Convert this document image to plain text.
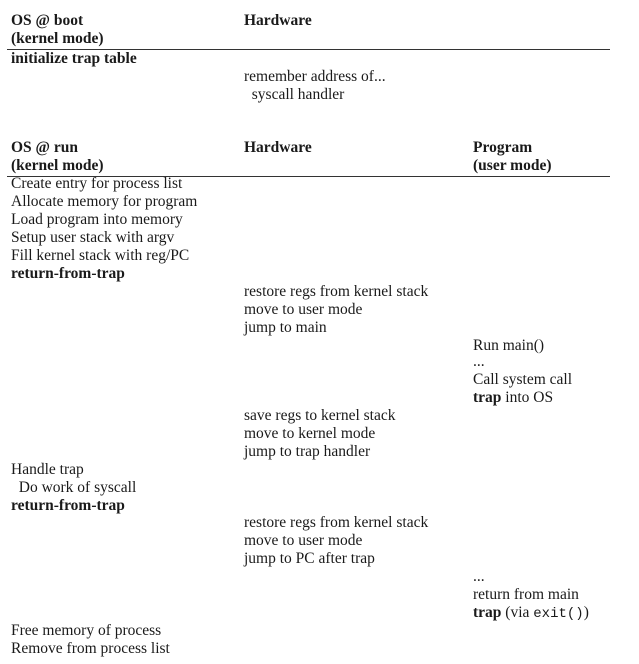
OS @ boot
(kernel mode)
Hardware
initialize trap table
remember address of...
syscall handler
OS @ run
(kernel mode)
Hardware	Program
(user mode)
Create entry for process list
Allocate memory for program
Load program into memory
Setup user stack with argv
Fill kernel stack with reg/PC
return-from-trap
restore regs from kernel stack
move to user mode
jump to main
Run main()
...
Call system call
trap into OS
save regs to kernel stack
move to kernel mode
jump to trap handler
Handle trap
Do work of syscall
return-from-trap
restore regs from kernel stack
move to user mode
jump to PC after trap
...
return from main
trap (via exit())
Free memory of process
Remove from process list
